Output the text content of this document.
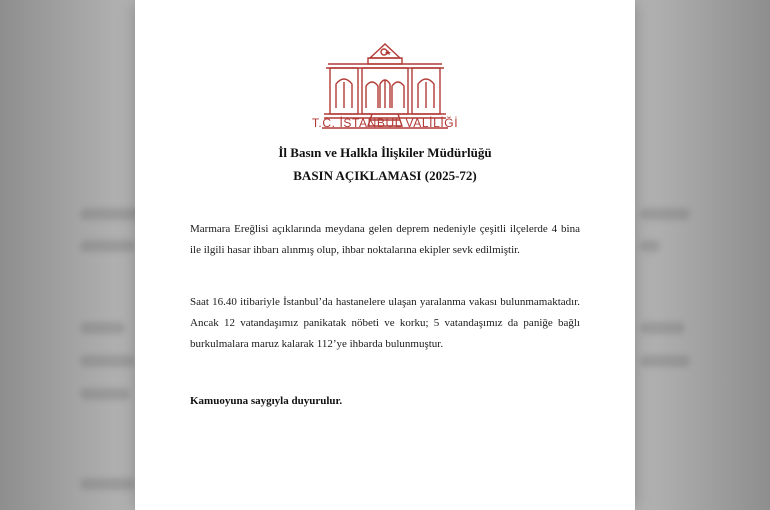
T.C. İSTANBUL VALİLİĞİ
İl Basın ve Halkla İlişkiler Müdürlüğü
BASIN AÇIKLAMASI (2025-72)

Marmara Ereğlisi açıklarında meydana gelen deprem nedeniyle çeşitli ilçelerde 4 bina ile ilgili hasar ihbarı alınmış olup, ihbar noktalarına ekipler sevk edilmiştir.

Saat 16.40 itibariyle İstanbul’da hastanelere ulaşan yaralanma vakası bulunmamaktadır. Ancak 12 vatandaşımız panikatak nöbeti ve korku; 5 vatandaşımız da paniğe bağlı burkulmalara maruz kalarak 112’ye ihbarda bulunmuştur.

Kamuoyuna saygıyla duyurulur.
